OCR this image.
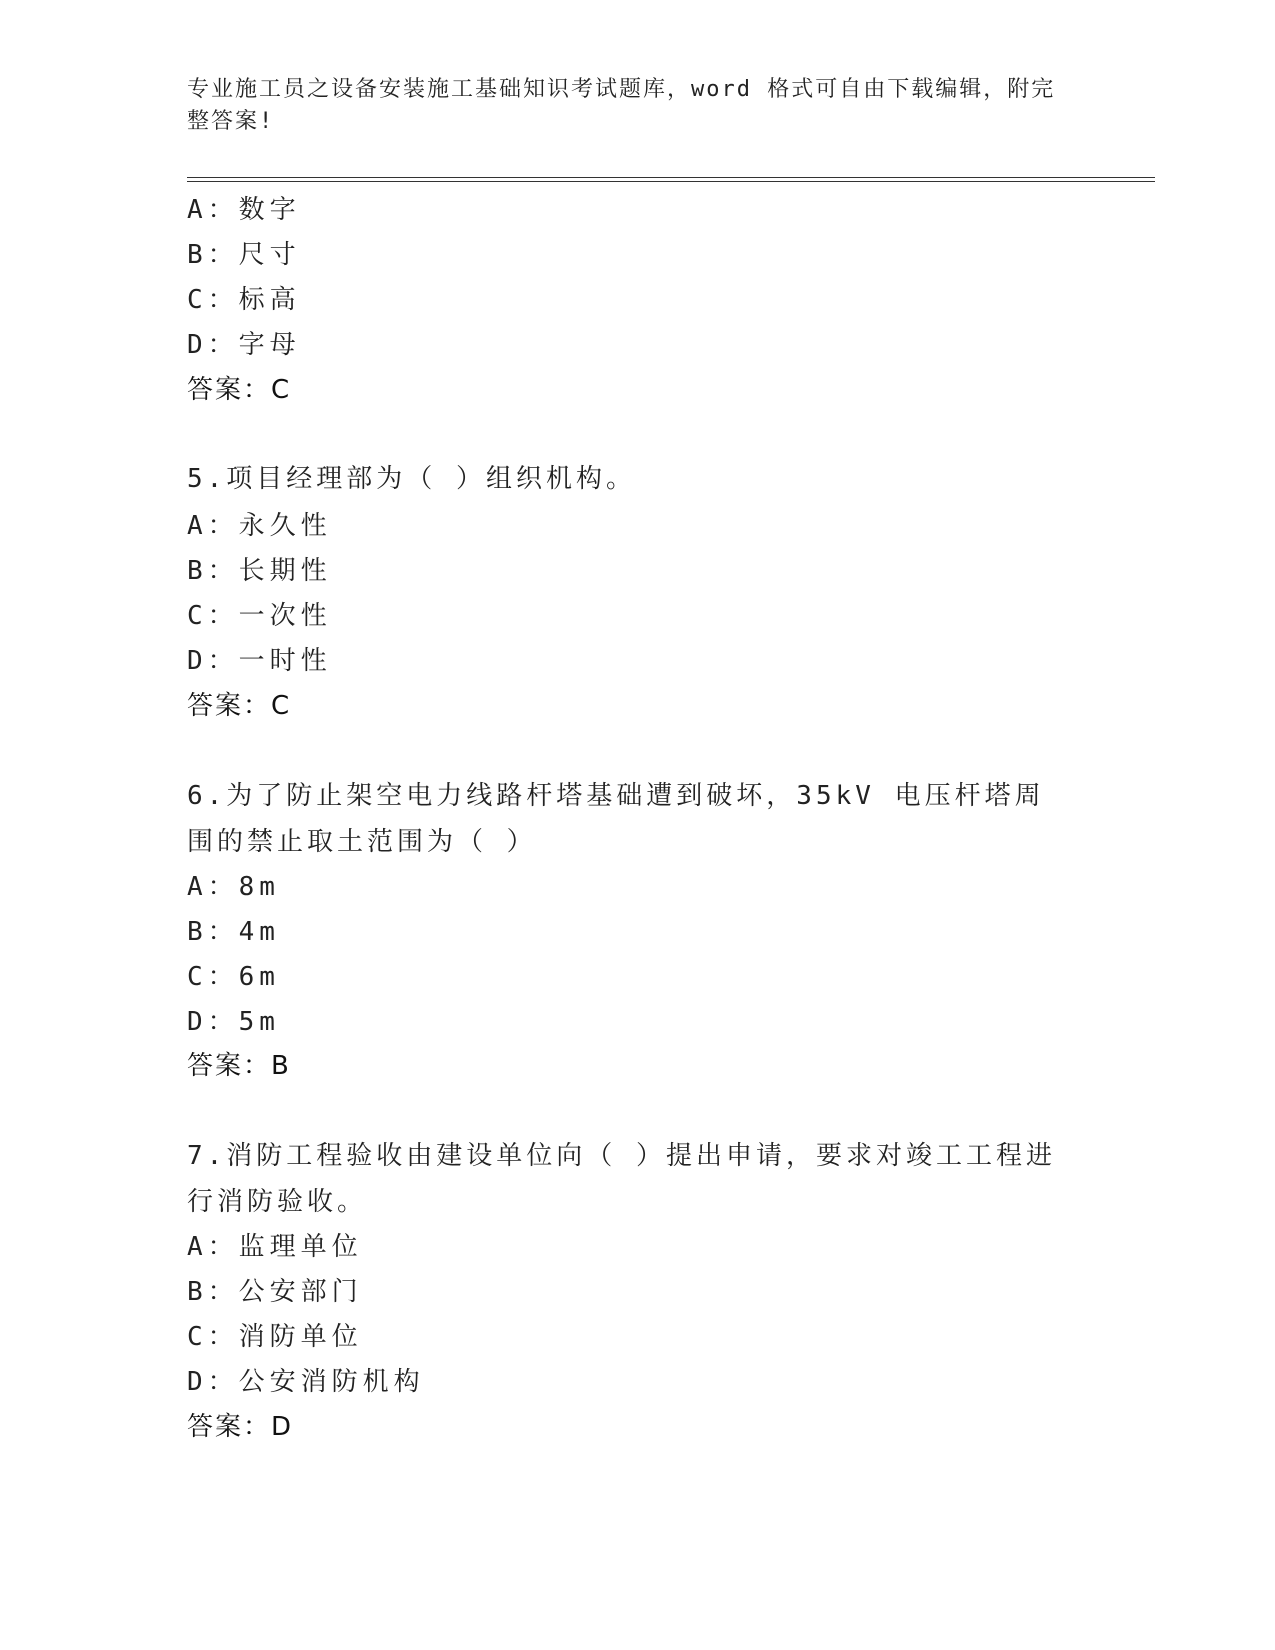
专业施工员之设备安装施工基础知识考试题库，word 格式可自由下载编辑，附完整答案!
A：数字
B：尺寸
C：标高
D：字母
答案：C
5.项目经理部为（ ）组织机构。
A：永久性
B：长期性
C：一次性
D：一时性
答案：C
6.为了防止架空电力线路杆塔基础遭到破坏，35kV 电压杆塔周围的禁止取土范围为（ ）
A：8m
B：4m
C：6m
D：5m
答案：B
7.消防工程验收由建设单位向（ ）提出申请，要求对竣工工程进行消防验收。
A：监理单位
B：公安部门
C：消防单位
D：公安消防机构
答案：D
